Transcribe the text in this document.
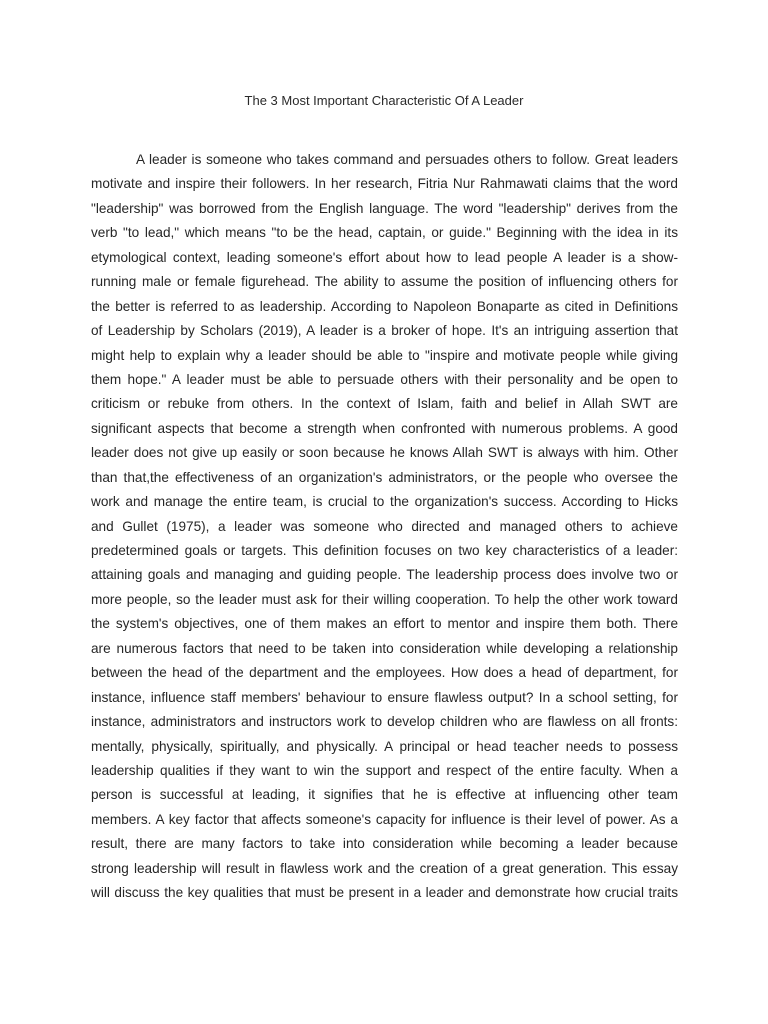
The 3 Most Important Characteristic Of A Leader
A leader is someone who takes command and persuades others to follow. Great leaders
motivate and inspire their followers. In her research, Fitria Nur Rahmawati claims that the word
"leadership" was borrowed from the English language. The word "leadership" derives from the
verb "to lead," which means "to be the head, captain, or guide." Beginning with the idea in its
etymological context, leading someone's effort about how to lead people A leader is a show-
running male or female figurehead. The ability to assume the position of influencing others for
the better is referred to as leadership. According to Napoleon Bonaparte as cited in Definitions
of Leadership by Scholars (2019), A leader is a broker of hope. It's an intriguing assertion that
might help to explain why a leader should be able to "inspire and motivate people while giving
them hope." A leader must be able to persuade others with their personality and be open to
criticism or rebuke from others. In the context of Islam, faith and belief in Allah SWT are
significant aspects that become a strength when confronted with numerous problems. A good
leader does not give up easily or soon because he knows Allah SWT is always with him. Other
than that,the effectiveness of an organization's administrators, or the people who oversee the
work and manage the entire team, is crucial to the organization's success. According to Hicks
and Gullet (1975), a leader was someone who directed and managed others to achieve
predetermined goals or targets. This definition focuses on two key characteristics of a leader:
attaining goals and managing and guiding people. The leadership process does involve two or
more people, so the leader must ask for their willing cooperation. To help the other work toward
the system's objectives, one of them makes an effort to mentor and inspire them both. There
are numerous factors that need to be taken into consideration while developing a relationship
between the head of the department and the employees. How does a head of department, for
instance, influence staff members' behaviour to ensure flawless output? In a school setting, for
instance, administrators and instructors work to develop children who are flawless on all fronts:
mentally, physically, spiritually, and physically. A principal or head teacher needs to possess
leadership qualities if they want to win the support and respect of the entire faculty. When a
person is successful at leading, it signifies that he is effective at influencing other team
members. A key factor that affects someone's capacity for influence is their level of power. As a
result, there are many factors to take into consideration while becoming a leader because
strong leadership will result in flawless work and the creation of a great generation. This essay
will discuss the key qualities that must be present in a leader and demonstrate how crucial traits
